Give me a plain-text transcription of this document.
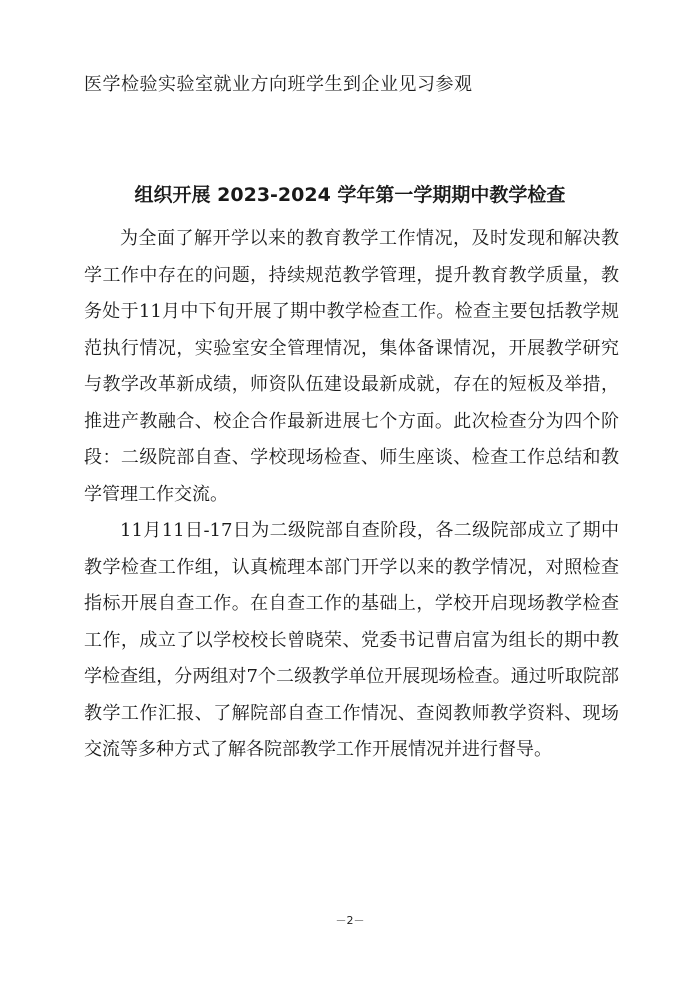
医学检验实验室就业方向班学生到企业见习参观
组织开展 2023-2024 学年第一学期期中教学检查

为全面了解开学以来的教育教学工作情况，及时发现和解决教学工作中存在的问题，持续规范教学管理，提升教育教学质量，教务处于11月中下旬开展了期中教学检查工作。检查主要包括教学规范执行情况，实验室安全管理情况，集体备课情况，开展教学研究与教学改革新成绩，师资队伍建设最新成就，存在的短板及举措，推进产教融合、校企合作最新进展七个方面。此次检查分为四个阶段：二级院部自查、学校现场检查、师生座谈、检查工作总结和教学管理工作交流。

11月11日-17日为二级院部自查阶段，各二级院部成立了期中教学检查工作组，认真梳理本部门开学以来的教学情况，对照检查指标开展自查工作。在自查工作的基础上，学校开启现场教学检查工作，成立了以学校校长曾晓荣、党委书记曹启富为组长的期中教学检查组，分两组对7个二级教学单位开展现场检查。通过听取院部教学工作汇报、了解院部自查工作情况、查阅教师教学资料、现场交流等多种方式了解各院部教学工作开展情况并进行督导。

－2－
